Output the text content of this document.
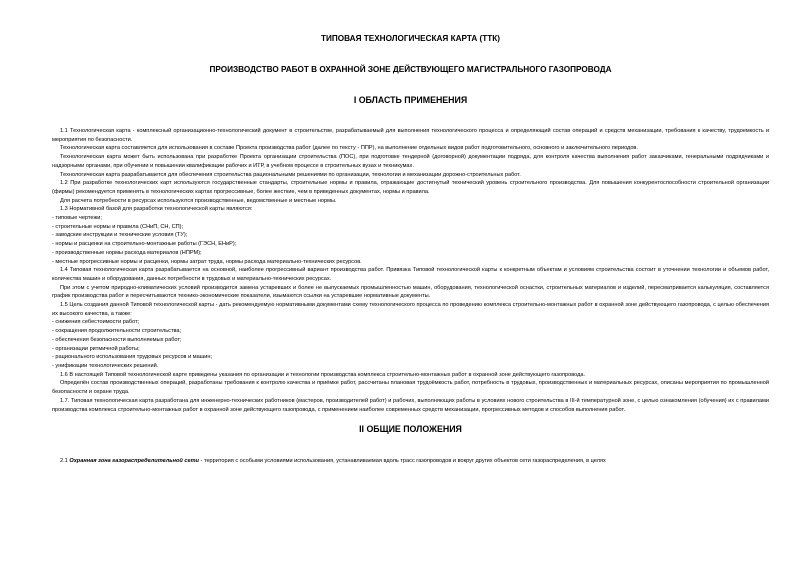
ТИПОВАЯ ТЕХНОЛОГИЧЕСКАЯ КАРТА (ТТК)

ПРОИЗВОДСТВО РАБОТ В ОХРАННОЙ ЗОНЕ ДЕЙСТВУЮЩЕГО МАГИСТРАЛЬНОГО ГАЗОПРОВОДА

I ОБЛАСТЬ ПРИМЕНЕНИЯ

1.1 Технологическая карта - комплексный организационно-технологический документ в строительстве, разрабатываемый для выполнения технологического процесса и определяющий состав операций и средств механизации, требования к качеству, трудоемкость и мероприятия по безопасности.

Технологическая карта составляется для использования в составе Проекта производства работ (далее по тексту - ППР), на выполнение отдельных видов работ подготовительного, основного и заключительного периодов.

Технологическая карта может быть использована при разработке Проекта организации строительства (ПОС), при подготовке тендерной (договорной) документации подряда, для контроля качества выполнения работ заказчиками, генеральными подрядчиками и надзорными органами, при обучении и повышении квалификации рабочих и ИТР, в учебном процессе в строительных вузах и техникумах.

Технологическая карта разрабатывается для обеспечения строительства рациональными решениями по организации, технологии и механизации дорожно-строительных работ.

1.2 При разработке технологических карт используются государственные стандарты, строительные нормы и правила, отражающие достигнутый технический уровень строительного производства. Для повышения конкурентоспособности строительной организации (фирмы) рекомендуется применять в технологических картах прогрессивные, более жесткие, чем в приведенных документах, нормы и правила.

Для расчета потребности в ресурсах используются производственные, ведомственные и местные нормы.

1.3 Нормативной базой для разработки технологической карты являются:

- типовые чертежи;

- строительные нормы и правила (СНиП, СН, СП);

- заводские инструкции и технические условия (ТУ);

- нормы и расценки на строительно-монтажные работы (ГЭСН, ЕНиР);

- производственные нормы расхода материалов (НПРМ);

- местные прогрессивные нормы и расценки, нормы затрат труда, нормы расхода материально-технических ресурсов.

1.4 Типовая технологическая карта разрабатывается на основной, наиболее прогрессивный вариант производства работ. Привязка Типовой технологической карты к конкретным объектам и условиям строительства состоит в уточнении технологии и объемов работ, количества машин и оборудования, данных потребности в трудовых и материально-технических ресурсах.

При этом с учетом природно-климатических условий производится замена устаревших и более не выпускаемых промышленностью машин, оборудования, технологической оснастки, строительных материалов и изделий, пересматривается калькуляция, составляется график производства работ и пересчитываются технико-экономические показатели, изымаются ссылки на устаревшие нормативные документы.

1.5 Цель создания данной Типовой технологической карты - дать рекомендуемую нормативными документами схему технологического процесса по проведению комплекса строительно-монтажных работ в охранной зоне действующего газопровода, с целью обеспечения их высокого качества, а также:

- снижения себестоимости работ;

- сокращения продолжительности строительства;

- обеспечения безопасности выполняемых работ;

- организации ритмичной работы;

- рационального использования трудовых ресурсов и машин;

- унификации технологических решений.

1.6 В настоящей Типовой технологической карте приведены указания по организации и технологии производства комплекса строительно-монтажных работ в охранной зоне действующего газопровода.

Определён состав производственных операций, разработаны требования к контролю качества и приёмке работ, рассчитаны плановая трудоёмкость работ, потребность в трудовых, производственных и материальных ресурсах, описаны мероприятия по промышленной безопасности и охране труда.

1.7. Типовая технологическая карта разработана для инженерно-технических работников (мастеров, производителей работ) и рабочих, выполняющих работы в условиях нового строительства в III-й температурной зоне, с целью ознакомления (обучения) их с правилами производства комплекса строительно-монтажных работ в охранной зоне действующего газопровода, с применением наиболее современных средств механизации, прогрессивных методов и способов выполнения работ.

II ОБЩИЕ ПОЛОЖЕНИЯ

2.1 Охранная зона газораспределительной сети - территория с особыми условиями использования, устанавливаемая вдоль трасс газопроводов и вокруг других объектов сети газораспределения, в целях
